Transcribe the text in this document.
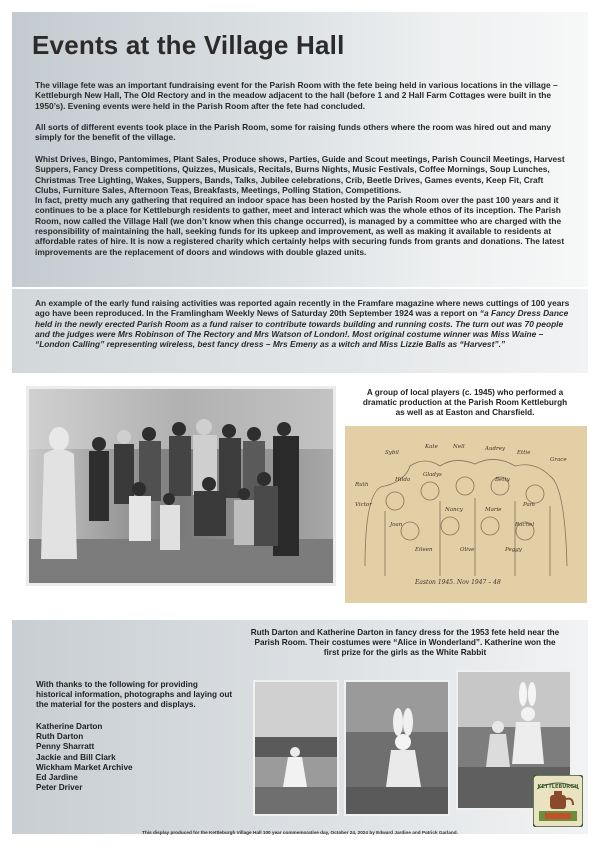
Events at the Village Hall

The village fete was an important fundraising event for the Parish Room with the fete being held in various locations in the village – Kettleburgh New Hall, The Old Rectory and in the meadow adjacent to the hall (before 1 and 2 Hall Farm Cottages were built in the 1950’s). Evening events were held in the Parish Room after the fete had concluded.

All sorts of different events took place in the Parish Room, some for raising funds others where the room was hired out and many simply for the benefit of the village.

Whist Drives, Bingo, Pantomimes, Plant Sales, Produce shows, Parties, Guide and Scout meetings, Parish Council Meetings, Harvest Suppers, Fancy Dress competitions, Quizzes, Musicals, Recitals, Burns Nights, Music Festivals, Coffee Mornings, Soup Lunches, Christmas Tree Lighting, Wakes, Suppers, Bands, Talks, Jubilee celebrations, Crib, Beetle Drives, Games events, Keep Fit, Craft Clubs, Furniture Sales, Afternoon Teas, Breakfasts, Meetings, Polling Station, Competitions.
In fact, pretty much any gathering that required an indoor space has been hosted by the Parish Room over the past 100 years and it continues to be a place for Kettleburgh residents to gather, meet and interact which was the whole ethos of its inception. The Parish Room, now called the Village Hall (we don’t know when this change occurred), is managed by a committee who are charged with the responsibility of maintaining the hall, seeking funds for its upkeep and improvement, as well as making it available to residents at affordable rates of hire. It is now a registered charity which certainly helps with securing funds from grants and donations. The latest improvements are the replacement of doors and windows with double glazed units.

An example of the early fund raising activities was reported again recently in the Framfare magazine where news cuttings of 100 years ago have been reproduced. In the Framlingham Weekly News of Saturday 20th September 1924 was a report on “a Fancy Dress Dance held in the newly erected Parish Room as a fund raiser to contribute towards building and running costs. The turn out was 70 people and the judges were Mrs Robinson of The Rectory and Mrs Watson of London!. Most original costume winner was Miss Waine – “London Calling” representing wireless, best fancy dress – Mrs Emeny as a witch and Miss Lizzie Balls as “Harvest”.”

A group of local players (c. 1945) who performed a dramatic production at the Parish Room Kettleburgh as well as at Easton and Charsfield.
Sybil
Kate	Nell	Audrey
Ettie
Grace
Ruth
Hilda
Victor
Gladys
Nancy	Marie
Pam
Joan
Betty
Rachel
Eileen	Olive	Peggy
Easton 1945. Nov 1947 – 48
With thanks to the following for providing historical information, photographs and laying out the material for the posters and displays.
Katherine Darton
Ruth Darton
Penny Sharratt
Jackie and Bill Clark
Wickham Market Archive
Ed Jardine
Peter Driver
Ruth Darton and Katherine Darton in fancy dress for the 1953 fete held near the Parish Room. Their costumes were “Alice in Wonderland”. Katherine won the first prize for the girls as the White Rabbit
KETTLEBURGH
This display produced for the Kettleburgh Village Hall 100 year commemorative day, October 24, 2024 by Edward Jardine and Patrick Garland.
